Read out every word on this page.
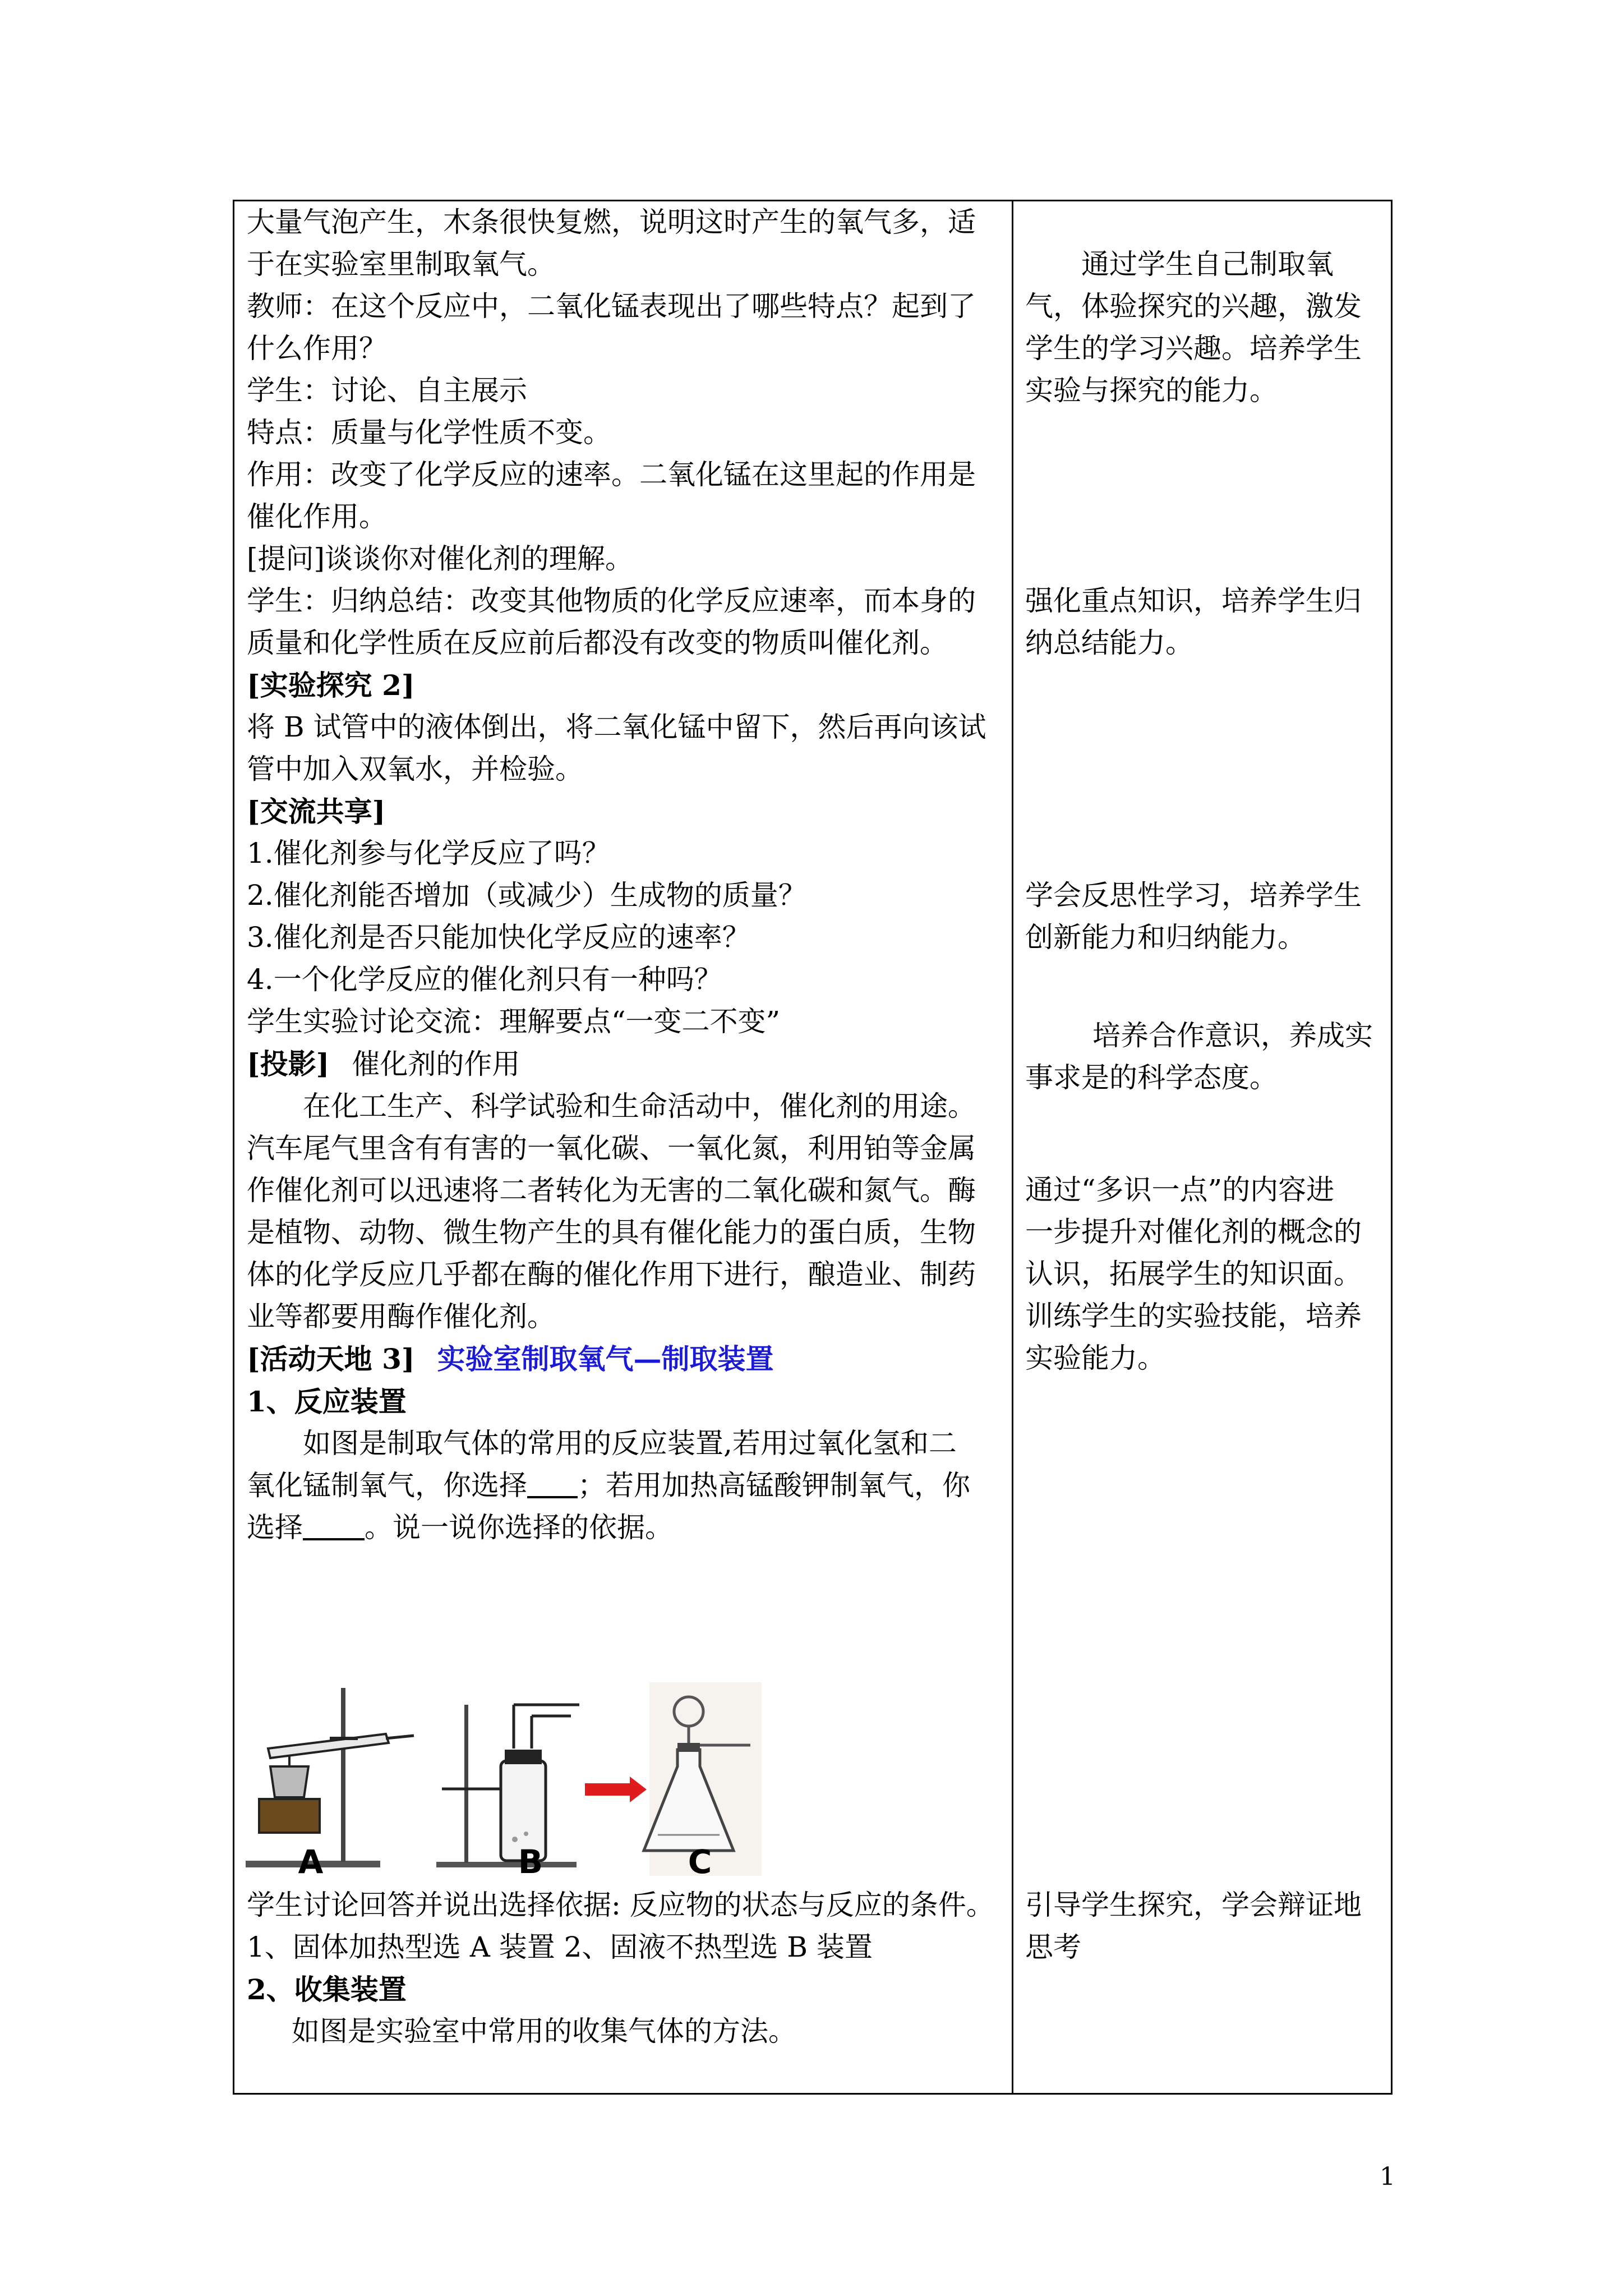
大量气泡产生，木条很快复燃，说明这时产生的氧气多，适

于在实验室里制取氧气。

教师：在这个反应中，二氧化锰表现出了哪些特点？起到了

什么作用？

学生：讨论、自主展示

特点：质量与化学性质不变。

作用：改变了化学反应的速率。二氧化锰在这里起的作用是

催化作用。

[提问]谈谈你对催化剂的理解。

学生：归纳总结：改变其他物质的化学反应速率，而本身的

质量和化学性质在反应前后都没有改变的物质叫催化剂。

[实验探究 2]

将 B 试管中的液体倒出，将二氧化锰中留下，然后再向该试

管中加入双氧水，并检验。

[交流共享]

1.催化剂参与化学反应了吗？

2.催化剂能否增加（或减少）生成物的质量？

3.催化剂是否只能加快化学反应的速率？

4.一个化学反应的催化剂只有一种吗？

学生实验讨论交流：理解要点“一变二不变”

[投影] 催化剂的作用

在化工生产、科学试验和生命活动中，催化剂的用途。

汽车尾气里含有有害的一氧化碳、一氧化氮，利用铂等金属

作催化剂可以迅速将二者转化为无害的二氧化碳和氮气。酶

是植物、动物、微生物产生的具有催化能力的蛋白质，生物

体的化学反应几乎都在酶的催化作用下进行，酿造业、制药

业等都要用酶作催化剂。

[活动天地 3] 实验室制取氧气—制取装置

1、反应装置

如图是制取气体的常用的反应装置,若用过氧化氢和二

氧化锰制氧气，你选择 ；若用加热高锰酸钾制氧气，你

选择 。说一说你选择的依据。

A	B	C

学生讨论回答并说出选择依据: 反应物的状态与反应的条件。

1、固体加热型选 A 装置 2、固液不热型选 B 装置

2、收集装置

如图是实验室中常用的收集气体的方法。

通过学生自己制取氧

气，体验探究的兴趣，激发

学生的学习兴趣。培养学生

实验与探究的能力。

强化重点知识，培养学生归

纳总结能力。

学会反思性学习，培养学生

创新能力和归纳能力。

培养合作意识，养成实

事求是的科学态度。

通过“多识一点”的内容进

一步提升对催化剂的概念的

认识，拓展学生的知识面。

训练学生的实验技能，培养

实验能力。

引导学生探究，学会辩证地

思考

1
